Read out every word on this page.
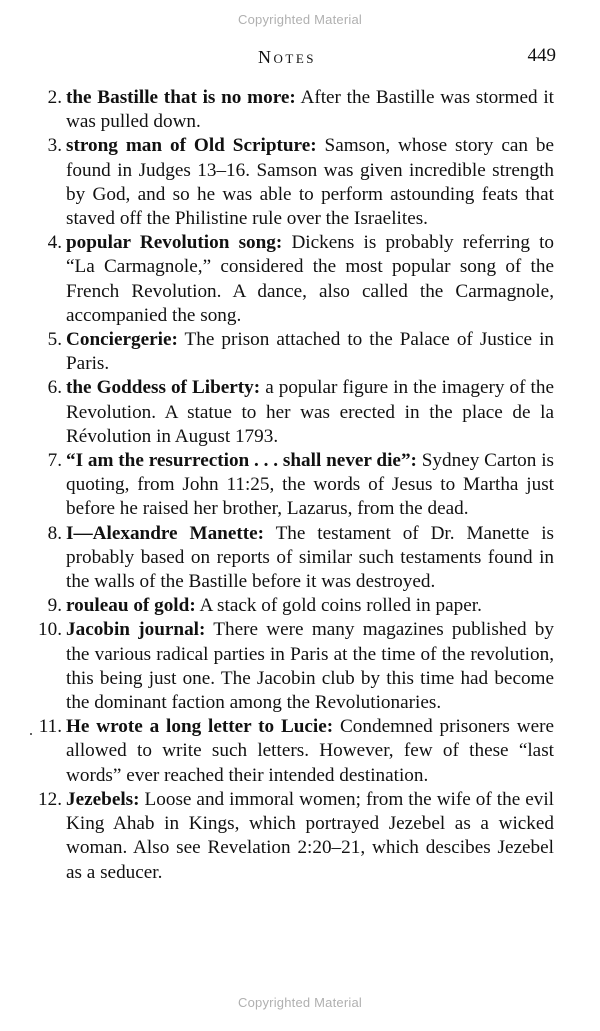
Copyrighted Material
Notes	449

2. the Bastille that is no more: After the Bastille was stormed it was pulled down.

3. strong man of Old Scripture: Samson, whose story can be found in Judges 13–16. Samson was given incredible strength by God, and so he was able to perform astounding feats that staved off the Philistine rule over the Israelites.

4. popular Revolution song: Dickens is probably referring to “La Carmagnole,” considered the most popular song of the French Revolution. A dance, also called the Carmagnole, accompanied the song.

5. Conciergerie: The prison attached to the Palace of Justice in Paris.

6. the Goddess of Liberty: a popular figure in the imagery of the Revolution. A statue to her was erected in the place de la Révolution in August 1793.

7. “I am the resurrection . . . shall never die”: Sydney Carton is quoting, from John 11:25, the words of Jesus to Martha just before he raised her brother, Lazarus, from the dead.

8. I—Alexandre Manette: The testament of Dr. Manette is probably based on reports of similar such testaments found in the walls of the Bastille before it was destroyed.

9. rouleau of gold: A stack of gold coins rolled in paper.

10. Jacobin journal: There were many magazines published by the various radical parties in Paris at the time of the revolution, this being just one. The Jacobin club by this time had become the dominant faction among the Revolutionaries.

11. He wrote a long letter to Lucie: Condemned prisoners were allowed to write such letters. However, few of these “last words” ever reached their intended destination.

12. Jezebels: Loose and immoral women; from the wife of the evil King Ahab in Kings, which portrayed Jezebel as a wicked woman. Also see Revelation 2:20–21, which descibes Jezebel as a seducer.

Copyrighted Material
